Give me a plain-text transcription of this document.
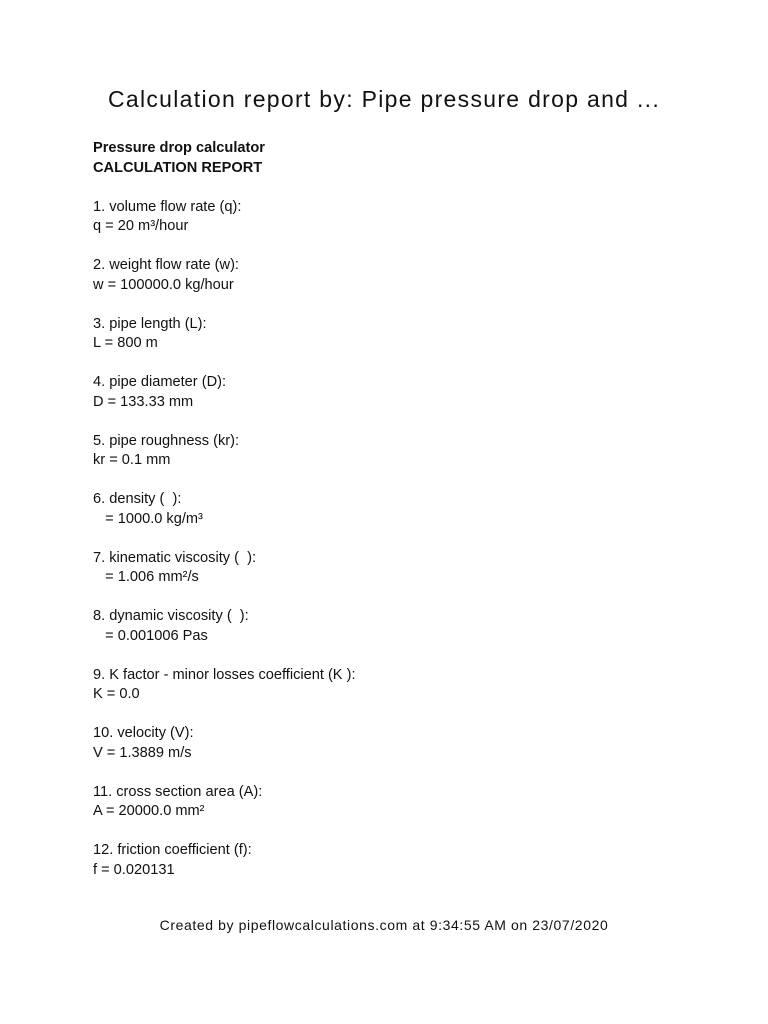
Calculation report by: Pipe pressure drop and ...

Pressure drop calculator

CALCULATION REPORT

1. volume flow rate (q):
q = 20 m³/hour
2. weight flow rate (w):
w = 100000.0 kg/hour
3. pipe length (L):
L = 800 m
4. pipe diameter (D):
D = 133.33 mm
5. pipe roughness (kr):
kr = 0.1 mm
6. density (  ):
= 1000.0 kg/m³
7. kinematic viscosity (  ):
= 1.006 mm²/s
8. dynamic viscosity (  ):
= 0.001006 Pas
9. K factor - minor losses coefficient (K ):
K = 0.0
10. velocity (V):
V = 1.3889 m/s
11. cross section area (A):
A = 20000.0 mm²
12. friction coefficient (f):
f = 0.020131
Created by pipeflowcalculations.com at 9:34:55 AM on 23/07/2020
